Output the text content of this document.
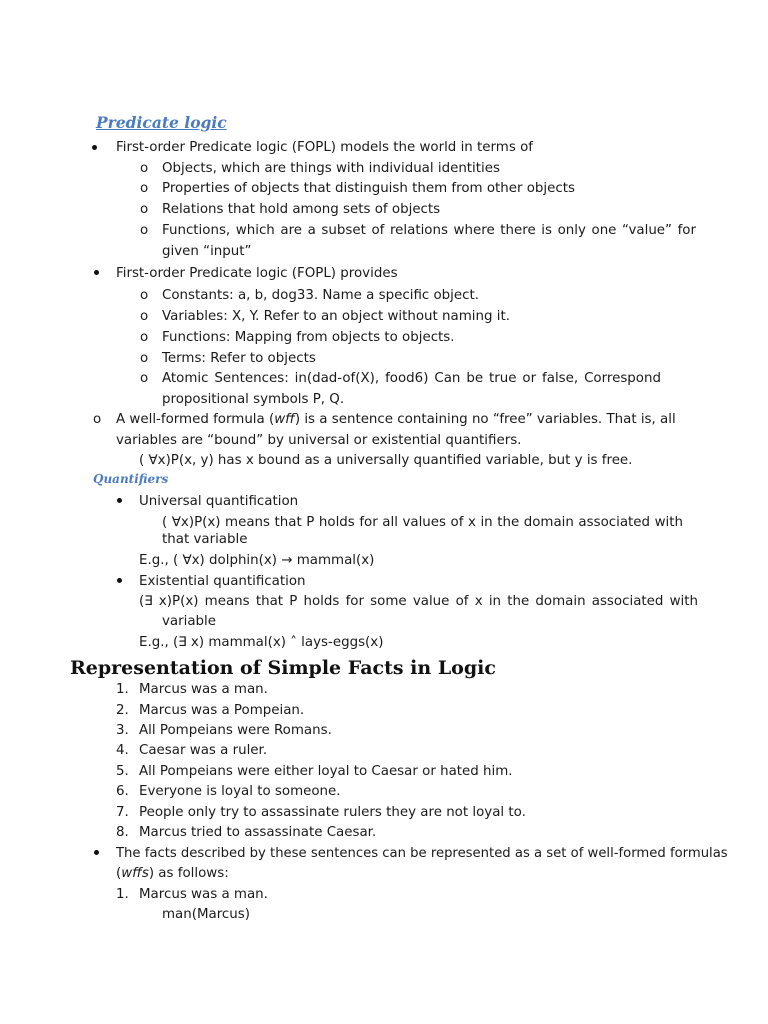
Predicate logic
First-order Predicate logic (FOPL) models the world in terms of
o Objects, which are things with individual identities
o Properties of objects that distinguish them from other objects
o Relations that hold among sets of objects
o Functions, which are a subset of relations where there is only one “value” for
given “input”
First-order Predicate logic (FOPL) provides
o Constants: a, b, dog33. Name a specific object.
o Variables: X, Y. Refer to an object without naming it.
o Functions: Mapping from objects to objects.
o Terms: Refer to objects
o Atomic Sentences: in(dad-of(X), food6) Can be true or false, Correspond
propositional symbols P, Q.
o A well-formed formula (wff) is a sentence containing no “free” variables. That is, all
variables are “bound” by universal or existential quantifiers.
( ∀x)P(x, y) has x bound as a universally quantified variable, but y is free.
Quantifiers
Universal quantification
( ∀x)P(x) means that P holds for all values of x in the domain associated with
that variable
E.g., ( ∀x) dolphin(x) → mammal(x)
Existential quantification
(∃ x)P(x) means that P holds for some value of x in the domain associated with
variable
E.g., (∃ x) mammal(x) ˄ lays-eggs(x)
Representation of Simple Facts in Logic
1. Marcus was a man.
2. Marcus was a Pompeian.
3. All Pompeians were Romans.
4. Caesar was a ruler.
5. All Pompeians were either loyal to Caesar or hated him.
6. Everyone is loyal to someone.
7. People only try to assassinate rulers they are not loyal to.
8. Marcus tried to assassinate Caesar.
The facts described by these sentences can be represented as a set of well-formed formulas
(wffs) as follows:
1. Marcus was a man.
man(Marcus)
